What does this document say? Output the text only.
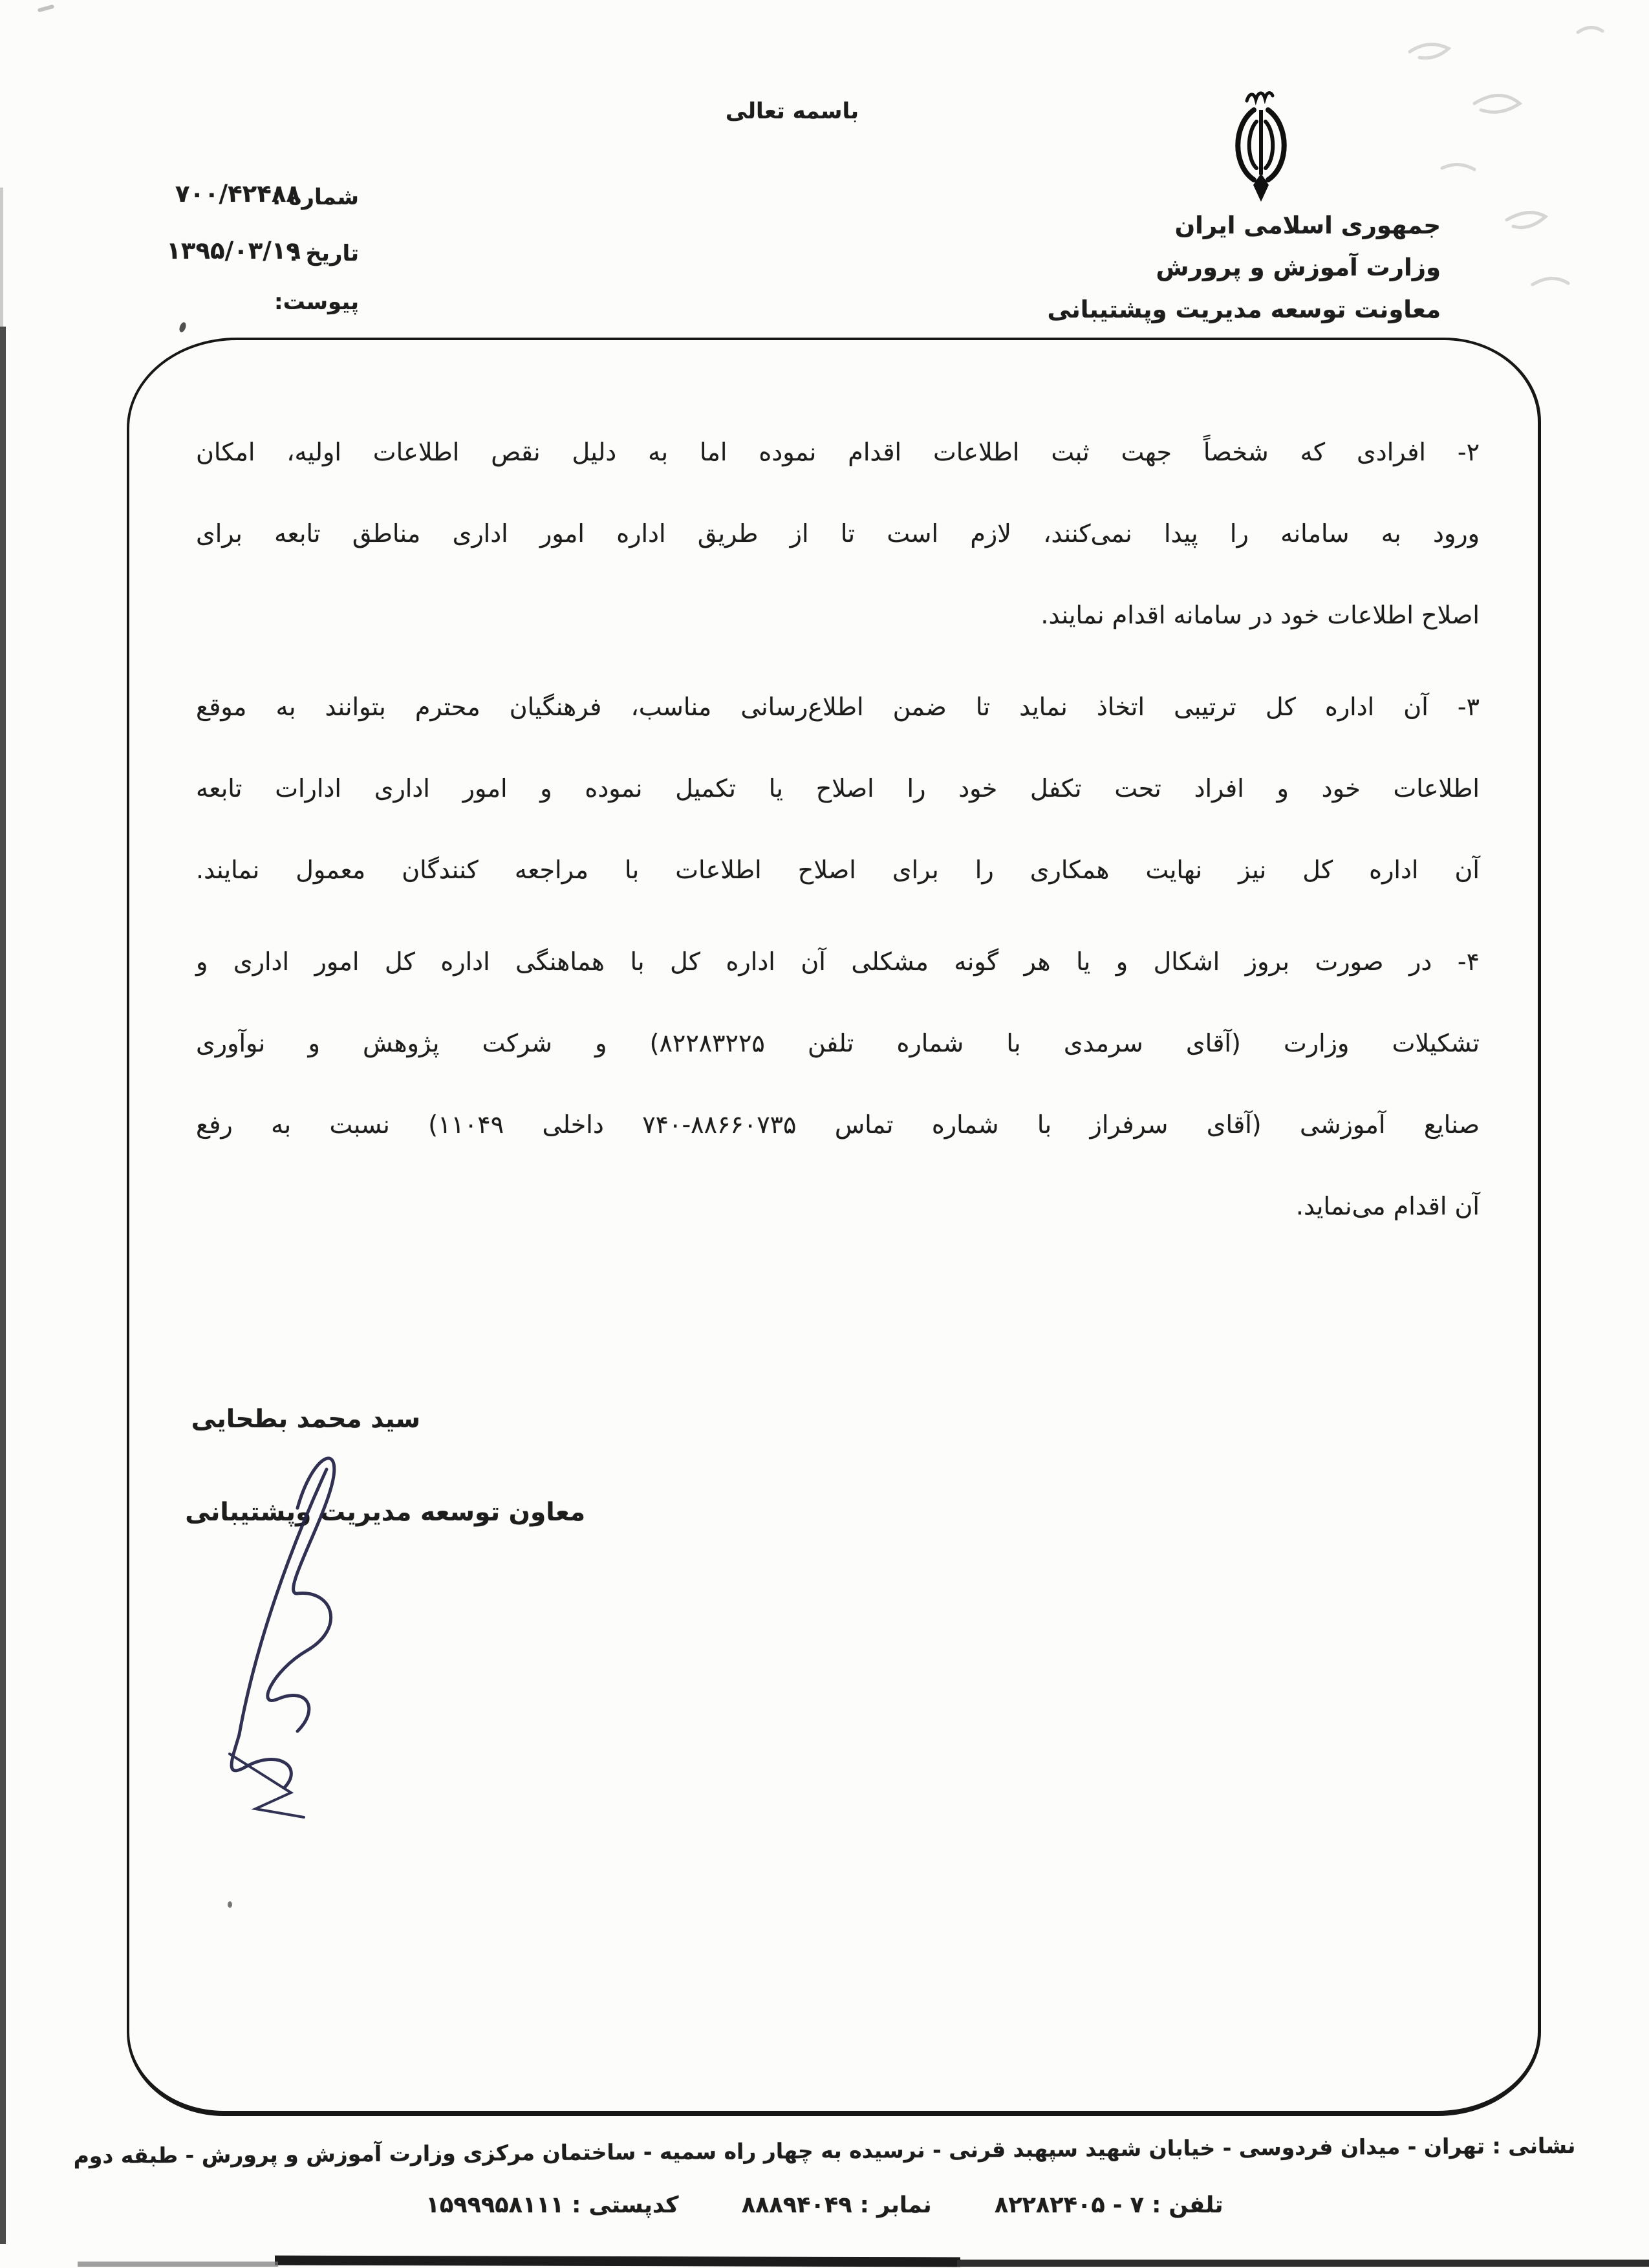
باسمه تعالی
جمهوری اسلامی ایران
وزارت آموزش و پرورش
معاونت توسعه مدیریت وپشتیبانی
شماره :
۷۰۰/۴۲۴۸۸
تاریخ :
۱۳۹۵/۰۳/۱۹
پیوست:
۲- افرادی که شخصاً جهت ثبت اطلاعات اقدام نموده اما به دلیل نقص اطلاعات اولیه، امکان
ورود به سامانه را پیدا نمی‌کنند، لازم است تا از طریق اداره امور اداری مناطق تابعه برای
اصلاح اطلاعات خود در سامانه اقدام نمایند.
۳- آن اداره کل ترتیبی اتخاذ نماید تا ضمن اطلاع‌رسانی مناسب، فرهنگیان محترم بتوانند به موقع
اطلاعات خود و افراد تحت تکفل خود را اصلاح یا تکمیل نموده و امور اداری ادارات تابعه
آن اداره کل نیز نهایت همکاری را برای اصلاح اطلاعات با مراجعه کنندگان معمول نمایند.
۴- در صورت بروز اشکال و یا هر گونه مشکلی آن اداره کل با هماهنگی اداره کل امور اداری و
تشکیلات وزارت (آقای سرمدی با شماره تلفن ۸۲۲۸۳۲۲۵) و شرکت پژوهش و نوآوری
صنایع آموزشی (آقای سرفراز با شماره تماس ۸۸۶۶۰۷۳۵-۷۴۰ داخلی ۱۱۰۴۹) نسبت به رفع
آن اقدام می‌نماید.
سید محمد بطحایی
معاون توسعه مدیریت وپشتیبانی
نشانی : تهران - میدان فردوسی - خیابان شهید سپهبد قرنی - نرسیده به چهار راه سمیه - ساختمان مرکزی وزارت آموزش و پرورش - طبقه دوم
تلفن : ۷ - ۸۲۲۸۲۴۰۵ نمابر : ۸۸۸۹۴۰۴۹ کدپستی : ۱۵۹۹۹۵۸۱۱۱
